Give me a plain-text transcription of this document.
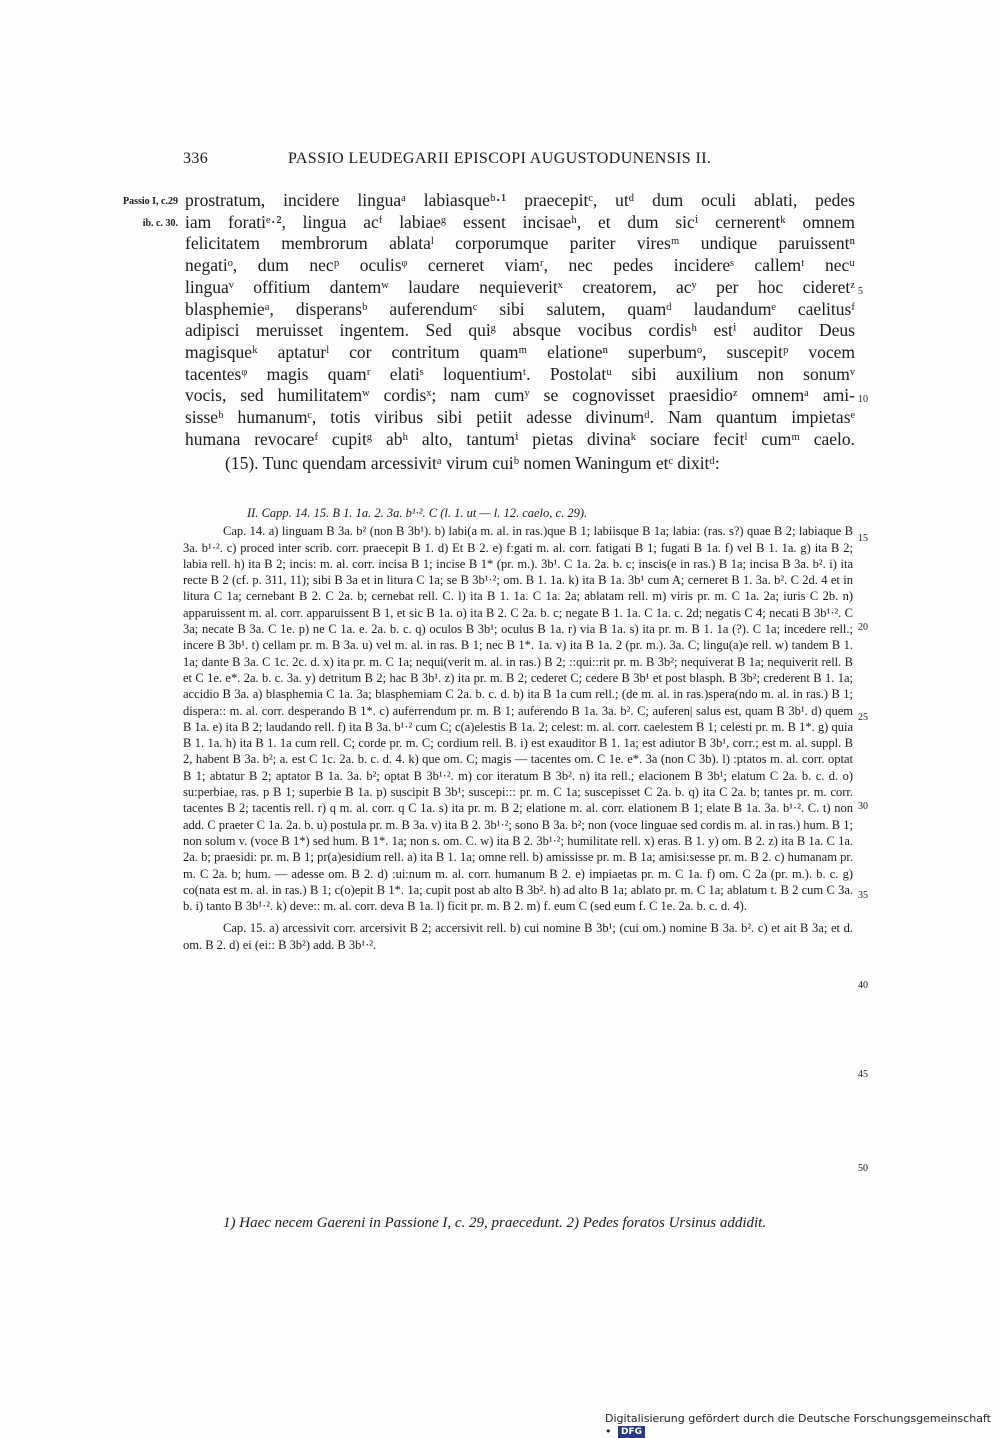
336	PASSIO LEUDEGARII EPISCOPI AUGUSTODUNENSIS II.
Passio I, c.29
ib. c. 30.
5
10
prostratum, incidere linguaᵃ labiasqueᵇ·¹ praecepitᶜ, utᵈ dum oculi ablati, pedes
iam foratiᵉ·², lingua acᶠ labiaeᵍ essent incisaeʰ, et dum sicⁱ cernerentᵏ omnem
felicitatem membrorum ablataˡ corporumque pariter viresᵐ undique paruissentⁿ
negatiᵒ, dum necᵖ oculisᵠ cerneret viamʳ, nec pedes incidereˢ callemᵗ necᵘ
linguaᵛ offitium dantemʷ laudare nequieveritˣ creatorem, acʸ per hoc cideretᶻ
blasphemieᵃ, disperansᵇ auferendumᶜ sibi salutem, quamᵈ laudandumᵉ caelitusᶠ
adipisci meruisset ingentem. Sed quiᵍ absque vocibus cordisʰ estⁱ auditor Deus
magisqueᵏ aptaturˡ cor contritum quamᵐ elationeⁿ superbumᵒ, suscepitᵖ vocem
tacentesᵠ magis quamʳ elatiˢ loquentiumᵗ. Postolatᵘ sibi auxilium non sonumᵛ
vocis, sed humilitatemʷ cordisˣ; nam cumʸ se cognovisset praesidioᶻ omnemᵃ ami-
sisseᵇ humanumᶜ, totis viribus sibi petiit adesse divinumᵈ. Nam quantum impietasᵉ
humana revocareᶠ cupitᵍ abʰ alto, tantumⁱ pietas divinaᵏ sociare fecitˡ cumᵐ caelo.
(15). Tunc quendam arcessivitᵃ virum cuiᵇ nomen Waningum etᶜ dixitᵈ:

II. Capp. 14. 15. B 1. 1a. 2. 3a. b¹·². C (l. 1. ut — l. 12. caelo, c. 29).

Cap. 14. a) linguam B 3a. b² (non B 3b¹). b) labi(a m. al. in ras.)que B 1; labiisque B 1a; labia: (ras. s?) quae B 2; labiaque B 3a. b¹·². c) proced inter scrib. corr. praecepit B 1. d) Et B 2. e) f:gati m. al. corr. fatigati B 1; fugati B 1a. f) vel B 1. 1a. g) ita B 2; labia rell. h) ita B 2; incis: m. al. corr. incisa B 1; incise B 1* (pr. m.). 3b¹. C 1a. 2a. b. c; inscis(e in ras.) B 1a; incisa B 3a. b². i) ita recte B 2 (cf. p. 311, 11); sibi B 3a et in litura C 1a; se B 3b¹·²; om. B 1. 1a. k) ita B 1a. 3b¹ cum A; cerneret B 1. 3a. b². C 2d. 4 et in litura C 1a; cernebant B 2. C 2a. b; cernebat rell. C. l) ita B 1. 1a. C 1a. 2a; ablatam rell. m) viris pr. m. C 1a. 2a; iuris C 2b. n) apparuissent m. al. corr. apparuissent B 1, et sic B 1a. o) ita B 2. C 2a. b. c; negate B 1. 1a. C 1a. c. 2d; negatis C 4; necati B 3b¹·². C 3a; necate B 3a. C 1e. p) ne C 1a. e. 2a. b. c. q) oculos B 3b¹; oculus B 1a. r) via B 1a. s) ita pr. m. B 1. 1a (?). C 1a; incedere rell.; incere B 3b¹. t) cellam pr. m. B 3a. u) vel m. al. in ras. B 1; nec B 1*. 1a. v) ita B 1a. 2 (pr. m.). 3a. C; lingu(a)e rell. w) tandem B 1. 1a; dante B 3a. C 1c. 2c. d. x) ita pr. m. C 1a; nequi(verit m. al. in ras.) B 2; ::qui::rit pr. m. B 3b²; nequiverat B 1a; nequiverit rell. B et C 1e. e*. 2a. b. c. 3a. y) detritum B 2; hac B 3b¹. z) ita pr. m. B 2; cederet C; cedere B 3b¹ et post blasph. B 3b²; crederent B 1. 1a; accidio B 3a. a) blasphemia C 1a. 3a; blasphemiam C 2a. b. c. d. b) ita B 1a cum rell.; (de m. al. in ras.)spera(ndo m. al. in ras.) B 1; dispera:: m. al. corr. desperando B 1*. c) auferrendum pr. m. B 1; auferendo B 1a. 3a. b². C; auferen| salus est, quam B 3b¹. d) quem B 1a. e) ita B 2; laudando rell. f) ita B 3a. b¹·² cum C; c(a)elestis B 1a. 2; celest: m. al. corr. caelestem B 1; celesti pr. m. B 1*. g) quia B 1. 1a. h) ita B 1. 1a cum rell. C; corde pr. m. C; cordium rell. B. i) est exauditor B 1. 1a; est adiutor B 3b¹, corr.; est m. al. suppl. B 2, habent B 3a. b²; a. est C 1c. 2a. b. c. d. 4. k) que om. C; magis — tacentes om. C 1e. e*. 3a (non C 3b). l) :ptatos m. al. corr. optat B 1; abtatur B 2; aptator B 1a. 3a. b²; optat B 3b¹·². m) cor iteratum B 3b². n) ita rell.; elacionem B 3b¹; elatum C 2a. b. c. d. o) su:perbiae, ras. p B 1; superbie B 1a. p) suscipit B 3b¹; suscepi::: pr. m. C 1a; suscepisset C 2a. b. q) ita C 2a. b; tantes pr. m. corr. tacentes B 2; tacentis rell. r) q m. al. corr. q C 1a. s) ita pr. m. B 2; elatione m. al. corr. elationem B 1; elate B 1a. 3a. b¹·². C. t) non add. C praeter C 1a. 2a. b. u) postula pr. m. B 3a. v) ita B 2. 3b¹·²; sono B 3a. b²; non (voce linguae sed cordis m. al. in ras.) hum. B 1; non solum v. (voce B 1*) sed hum. B 1*. 1a; non s. om. C. w) ita B 2. 3b¹·²; humilitate rell. x) eras. B 1. y) om. B 2. z) ita B 1a. C 1a. 2a. b; praesidi: pr. m. B 1; pr(a)esidium rell. a) ita B 1. 1a; omne rell. b) amississe pr. m. B 1a; amisi:sesse pr. m. B 2. c) humanam pr. m. C 2a. b; hum. — adesse om. B 2. d) :ui:num m. al. corr. humanum B 2. e) impiaetas pr. m. C 1a. f) om. C 2a (pr. m.). b. c. g) co(nata est m. al. in ras.) B 1; c(o)epit B 1*. 1a; cupit post ab alto B 3b². h) ad alto B 1a; ablato pr. m. C 1a; ablatum t. B 2 cum C 3a. b. i) tanto B 3b¹·². k) deve:: m. al. corr. deva B 1a. l) ficit pr. m. B 2. m) f. eum C (sed eum f. C 1e. 2a. b. c. d. 4).

Cap. 15. a) arcessivit corr. arcersivit B 2; accersivit rell. b) cui nomine B 3b¹; (cui om.) nomine B 3a. b². c) et ait B 3a; et d. om. B 2. d) ei (ei:: B 3b²) add. B 3b¹·².

15
20
25
30
35
40
45
50
1) Haec necem Gaereni in Passione I, c. 29, praecedunt. 2) Pedes foratos Ursinus addidit.
Digitalisierung gefördert durch die Deutsche Forschungsgemeinschaft • DFG
